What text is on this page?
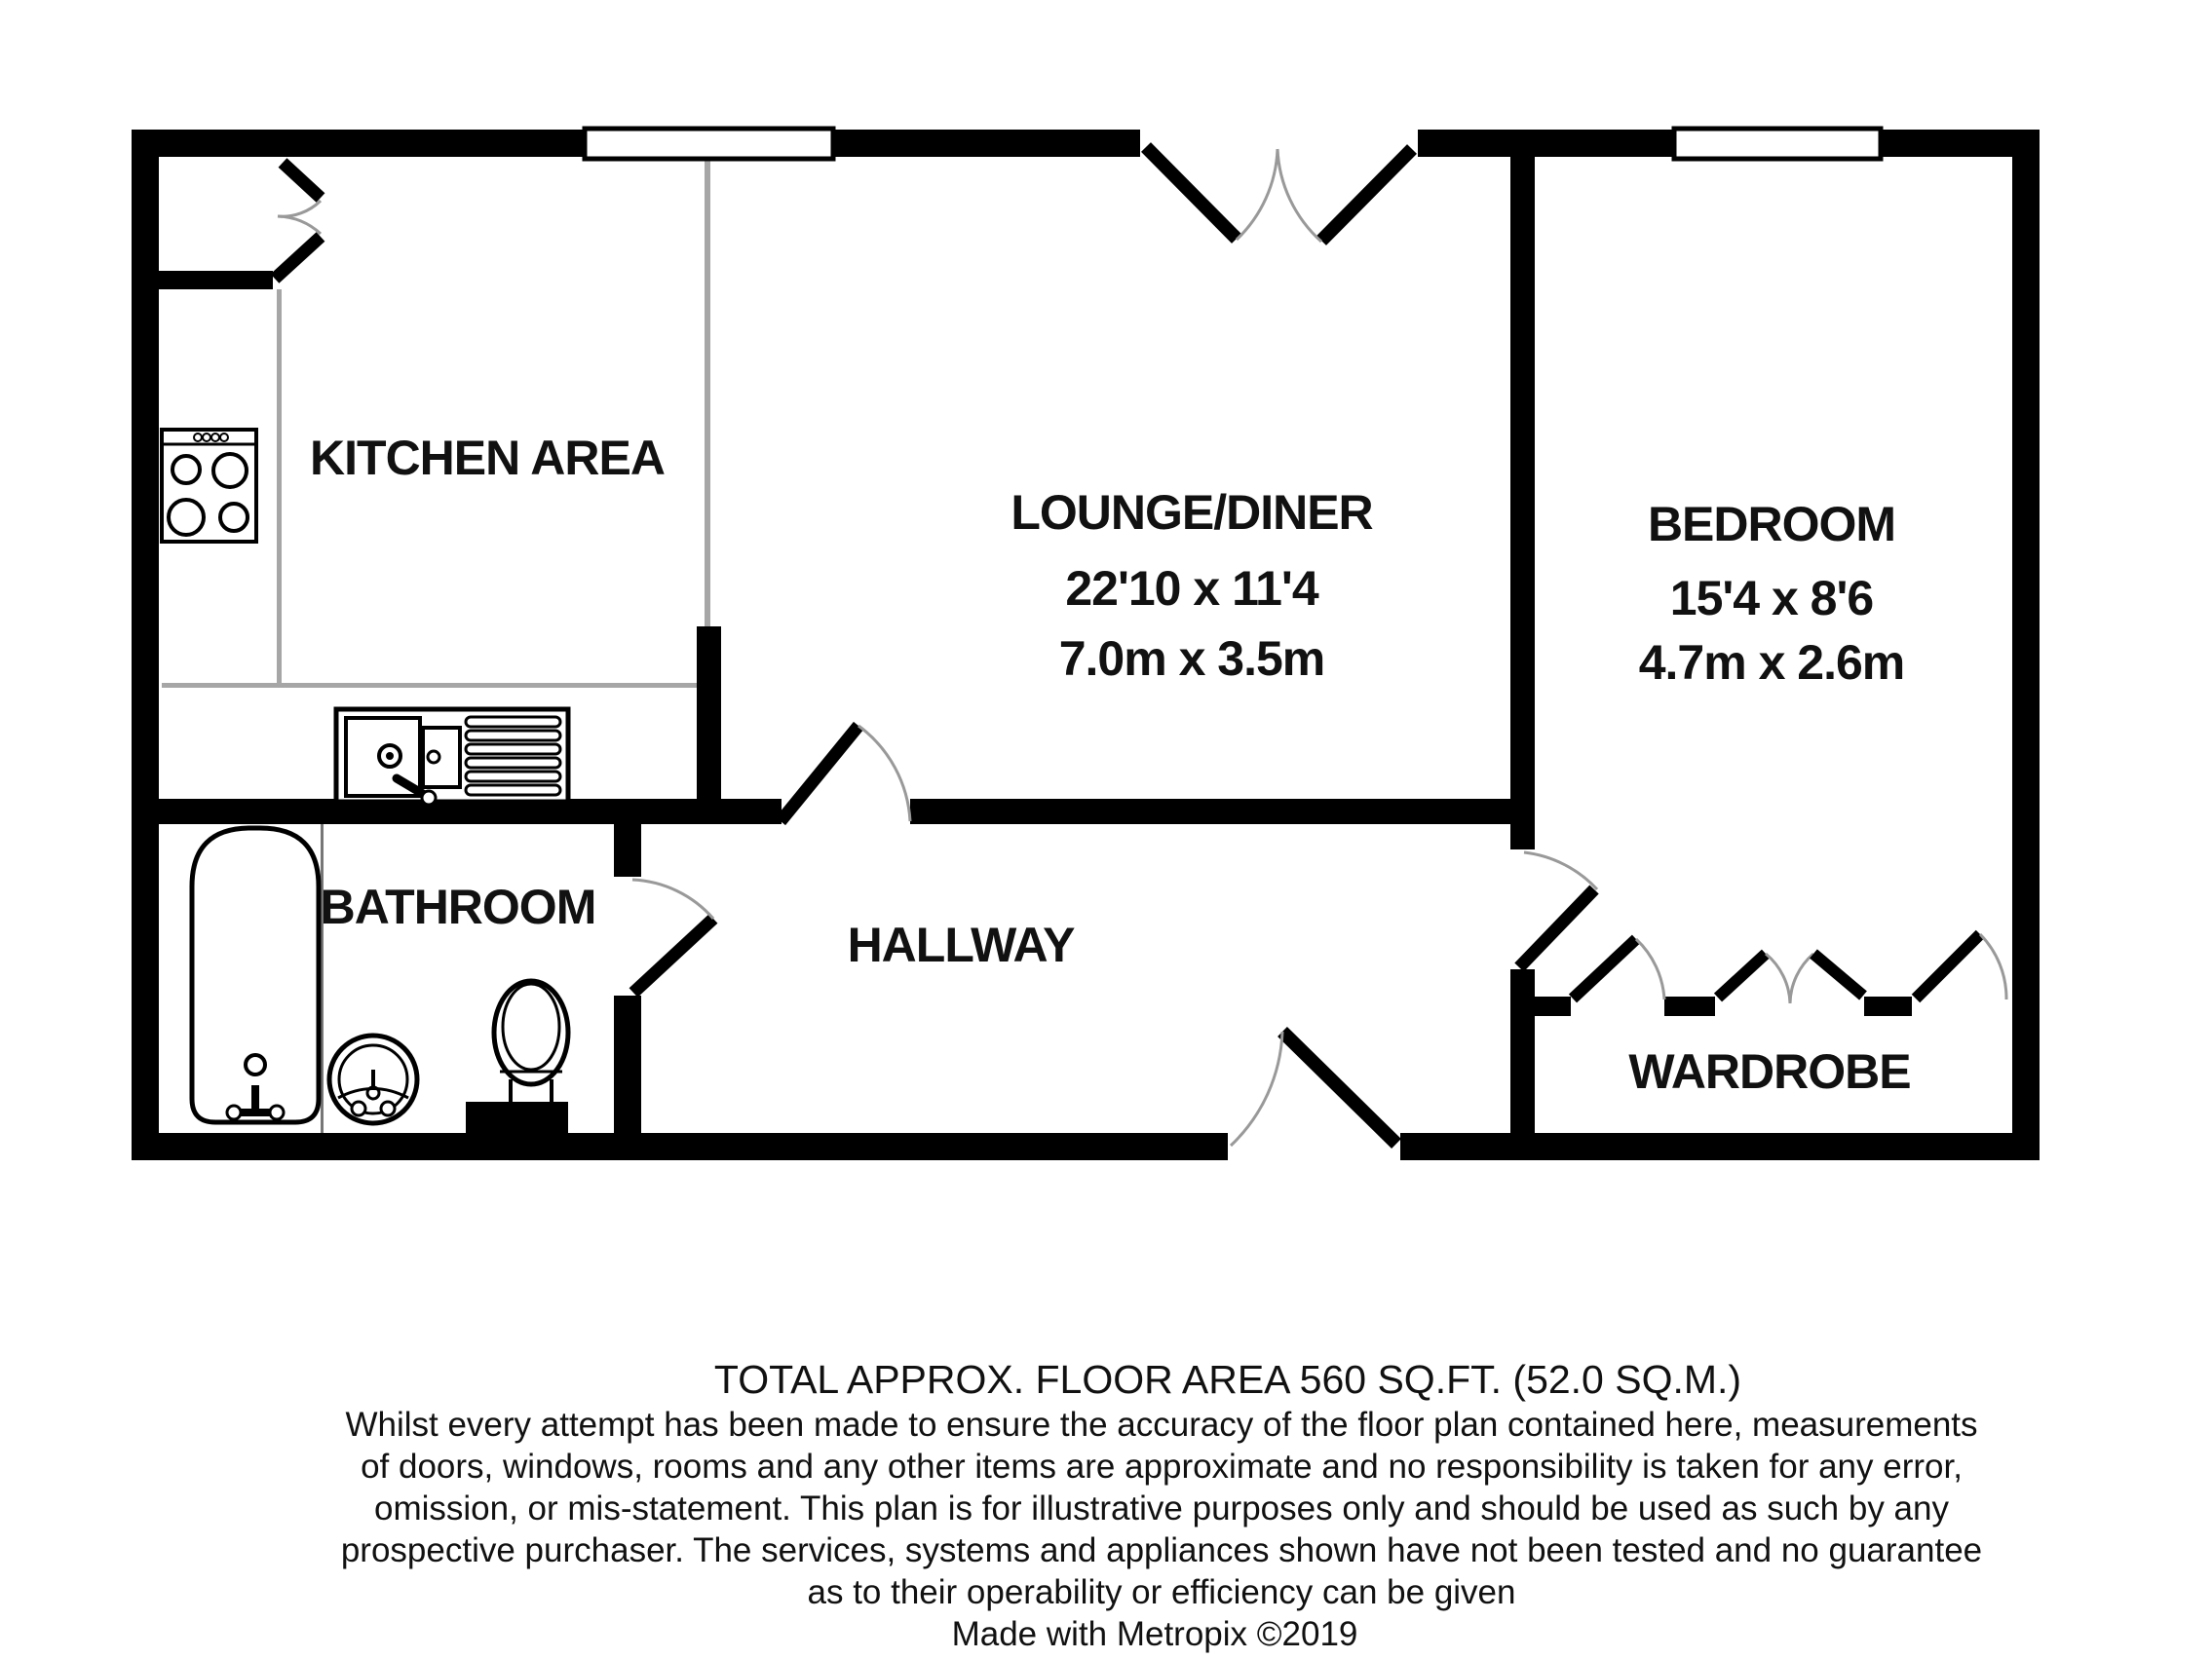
KITCHEN AREA
LOUNGE/DINER
22'10 x 11'4
7.0m x 3.5m
BEDROOM
15'4 x 8'6
4.7m x 2.6m
BATHROOM
HALLWAY
WARDROBE
TOTAL APPROX. FLOOR AREA 560 SQ.FT. (52.0 SQ.M.)
Whilst every attempt has been made to ensure the accuracy of the floor plan contained here, measurements
of doors, windows, rooms and any other items are approximate and no responsibility is taken for any error,
omission, or mis-statement. This plan is for illustrative purposes only and should be used as such by any
prospective purchaser. The services, systems and appliances shown have not been tested and no guarantee
as to their operability or efficiency can be given
Made with Metropix ©2019
